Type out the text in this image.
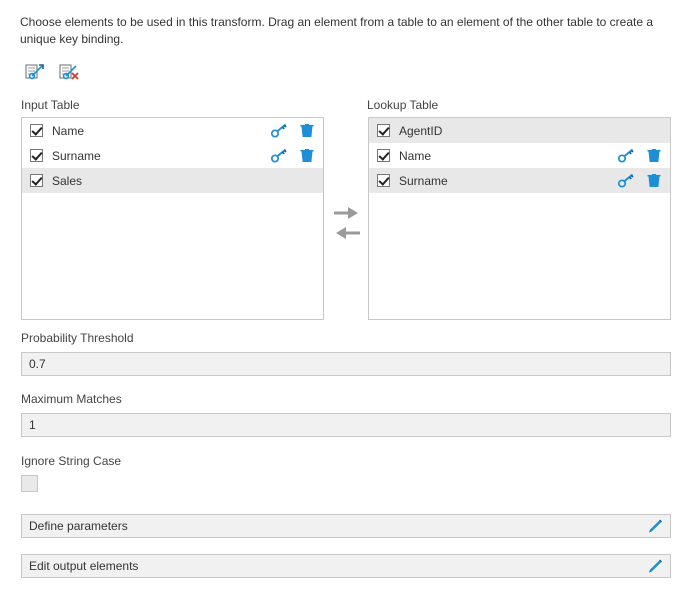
Choose elements to be used in this transform. Drag an element from a table to an element of the other table to create a unique key binding.
Input Table	Lookup Table
Name
Surname
Sales
AgentID
Name
Surname
Probability Threshold
0.7
Maximum Matches
1
Ignore String Case
Define parameters
Edit output elements
